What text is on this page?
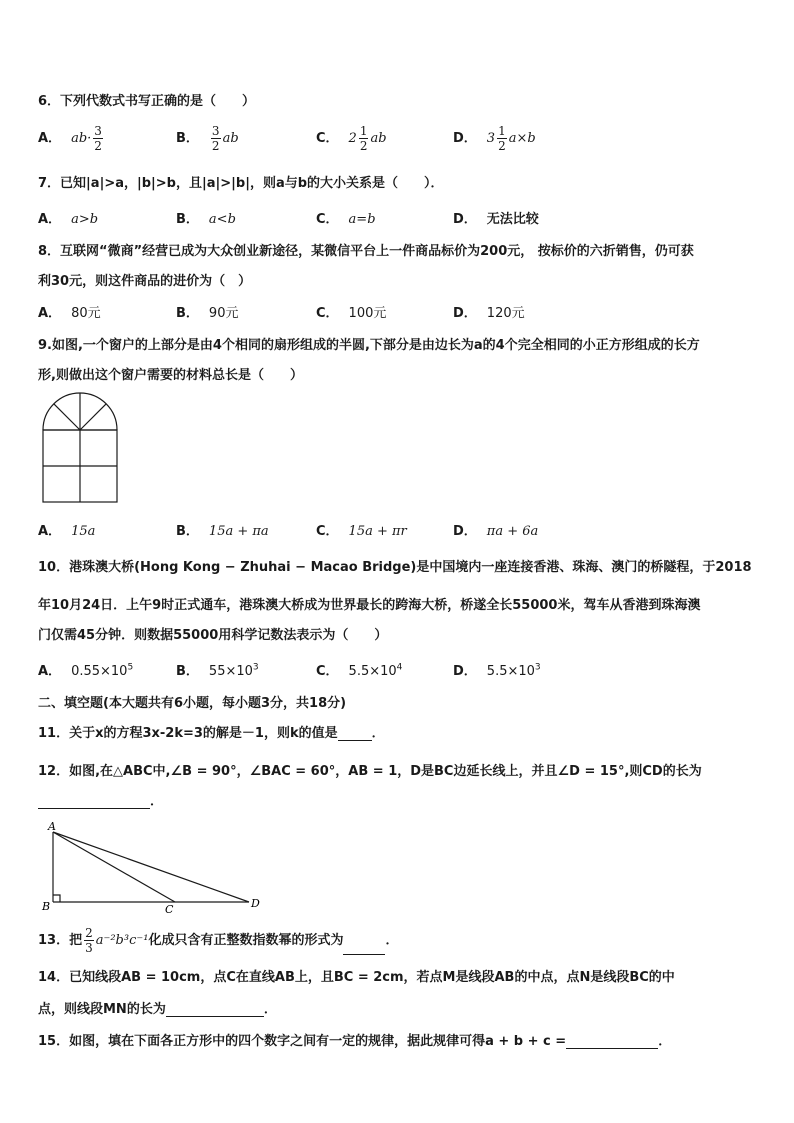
6．下列代数式书写正确的是（　　）
A． $ab\cdot \frac{3}{2}$	B． $\frac{3}{2}$ ab	C． $2 \frac{1}{2}$ ab	D． $3 \frac{1}{2} a\times b$
7．已知|a|>a，|b|>b，且|a|>|b|，则a与b的大小关系是（　　）．
A． a>b	B． a<b	C． a=b	D． 无法比较
8．互联网“微商”经营已成为大众创业新途径，某微信平台上一件商品标价为200元， 按标价的六折销售，仍可获
利30元，则这件商品的进价为（　）
A． 80元	B． 90元	C． 100元	D． 120元
9.如图,一个窗户的上部分是由4个相同的扇形组成的半圆,下部分是由边长为a的4个完全相同的小正方形组成的长方
形,则做出这个窗户需要的材料总长是（　　）
A． 15a	B． 15a + πa	C． 15a + πr	D． πa + 6a
10．港珠澳大桥(Hong Kong − Zhuhai − Macao Bridge)是中国境内一座连接香港、珠海、澳门的桥隧程，于2018
年10月24日．上午9时正式通车，港珠澳大桥成为世界最长的跨海大桥，桥遂全长55000米，驾车从香港到珠海澳
门仅需45分钟．则数据55000用科学记数法表示为（　　）
A． $0.55\times 10^5$	B． $55\times 10^3$	C． $5.5\times 10^4$	D． $5.5\times 10^3$
二、填空题(本大题共有6小题，每小题3分，共18分)
11．关于x的方程3x-2k=3的解是－1，则k的值是	．
12．如图,在△ABC中,∠B = 90°，∠BAC = 60°，AB = 1，D是BC边延长线上，并且∠D = 15°,则CD的长为
．
A
B	C	D
13．把 $\frac{2}{3} a^{-2}b^3c^{-1}$化成只含有正整数指数幂的形式为	．
14．已知线段AB = 10cm，点C在直线AB上，且BC = 2cm，若点M是线段AB的中点，点N是线段BC的中
点，则线段MN的长为	．
15．如图，填在下面各正方形中的四个数字之间有一定的规律，据此规律可得a + b + c =	．
